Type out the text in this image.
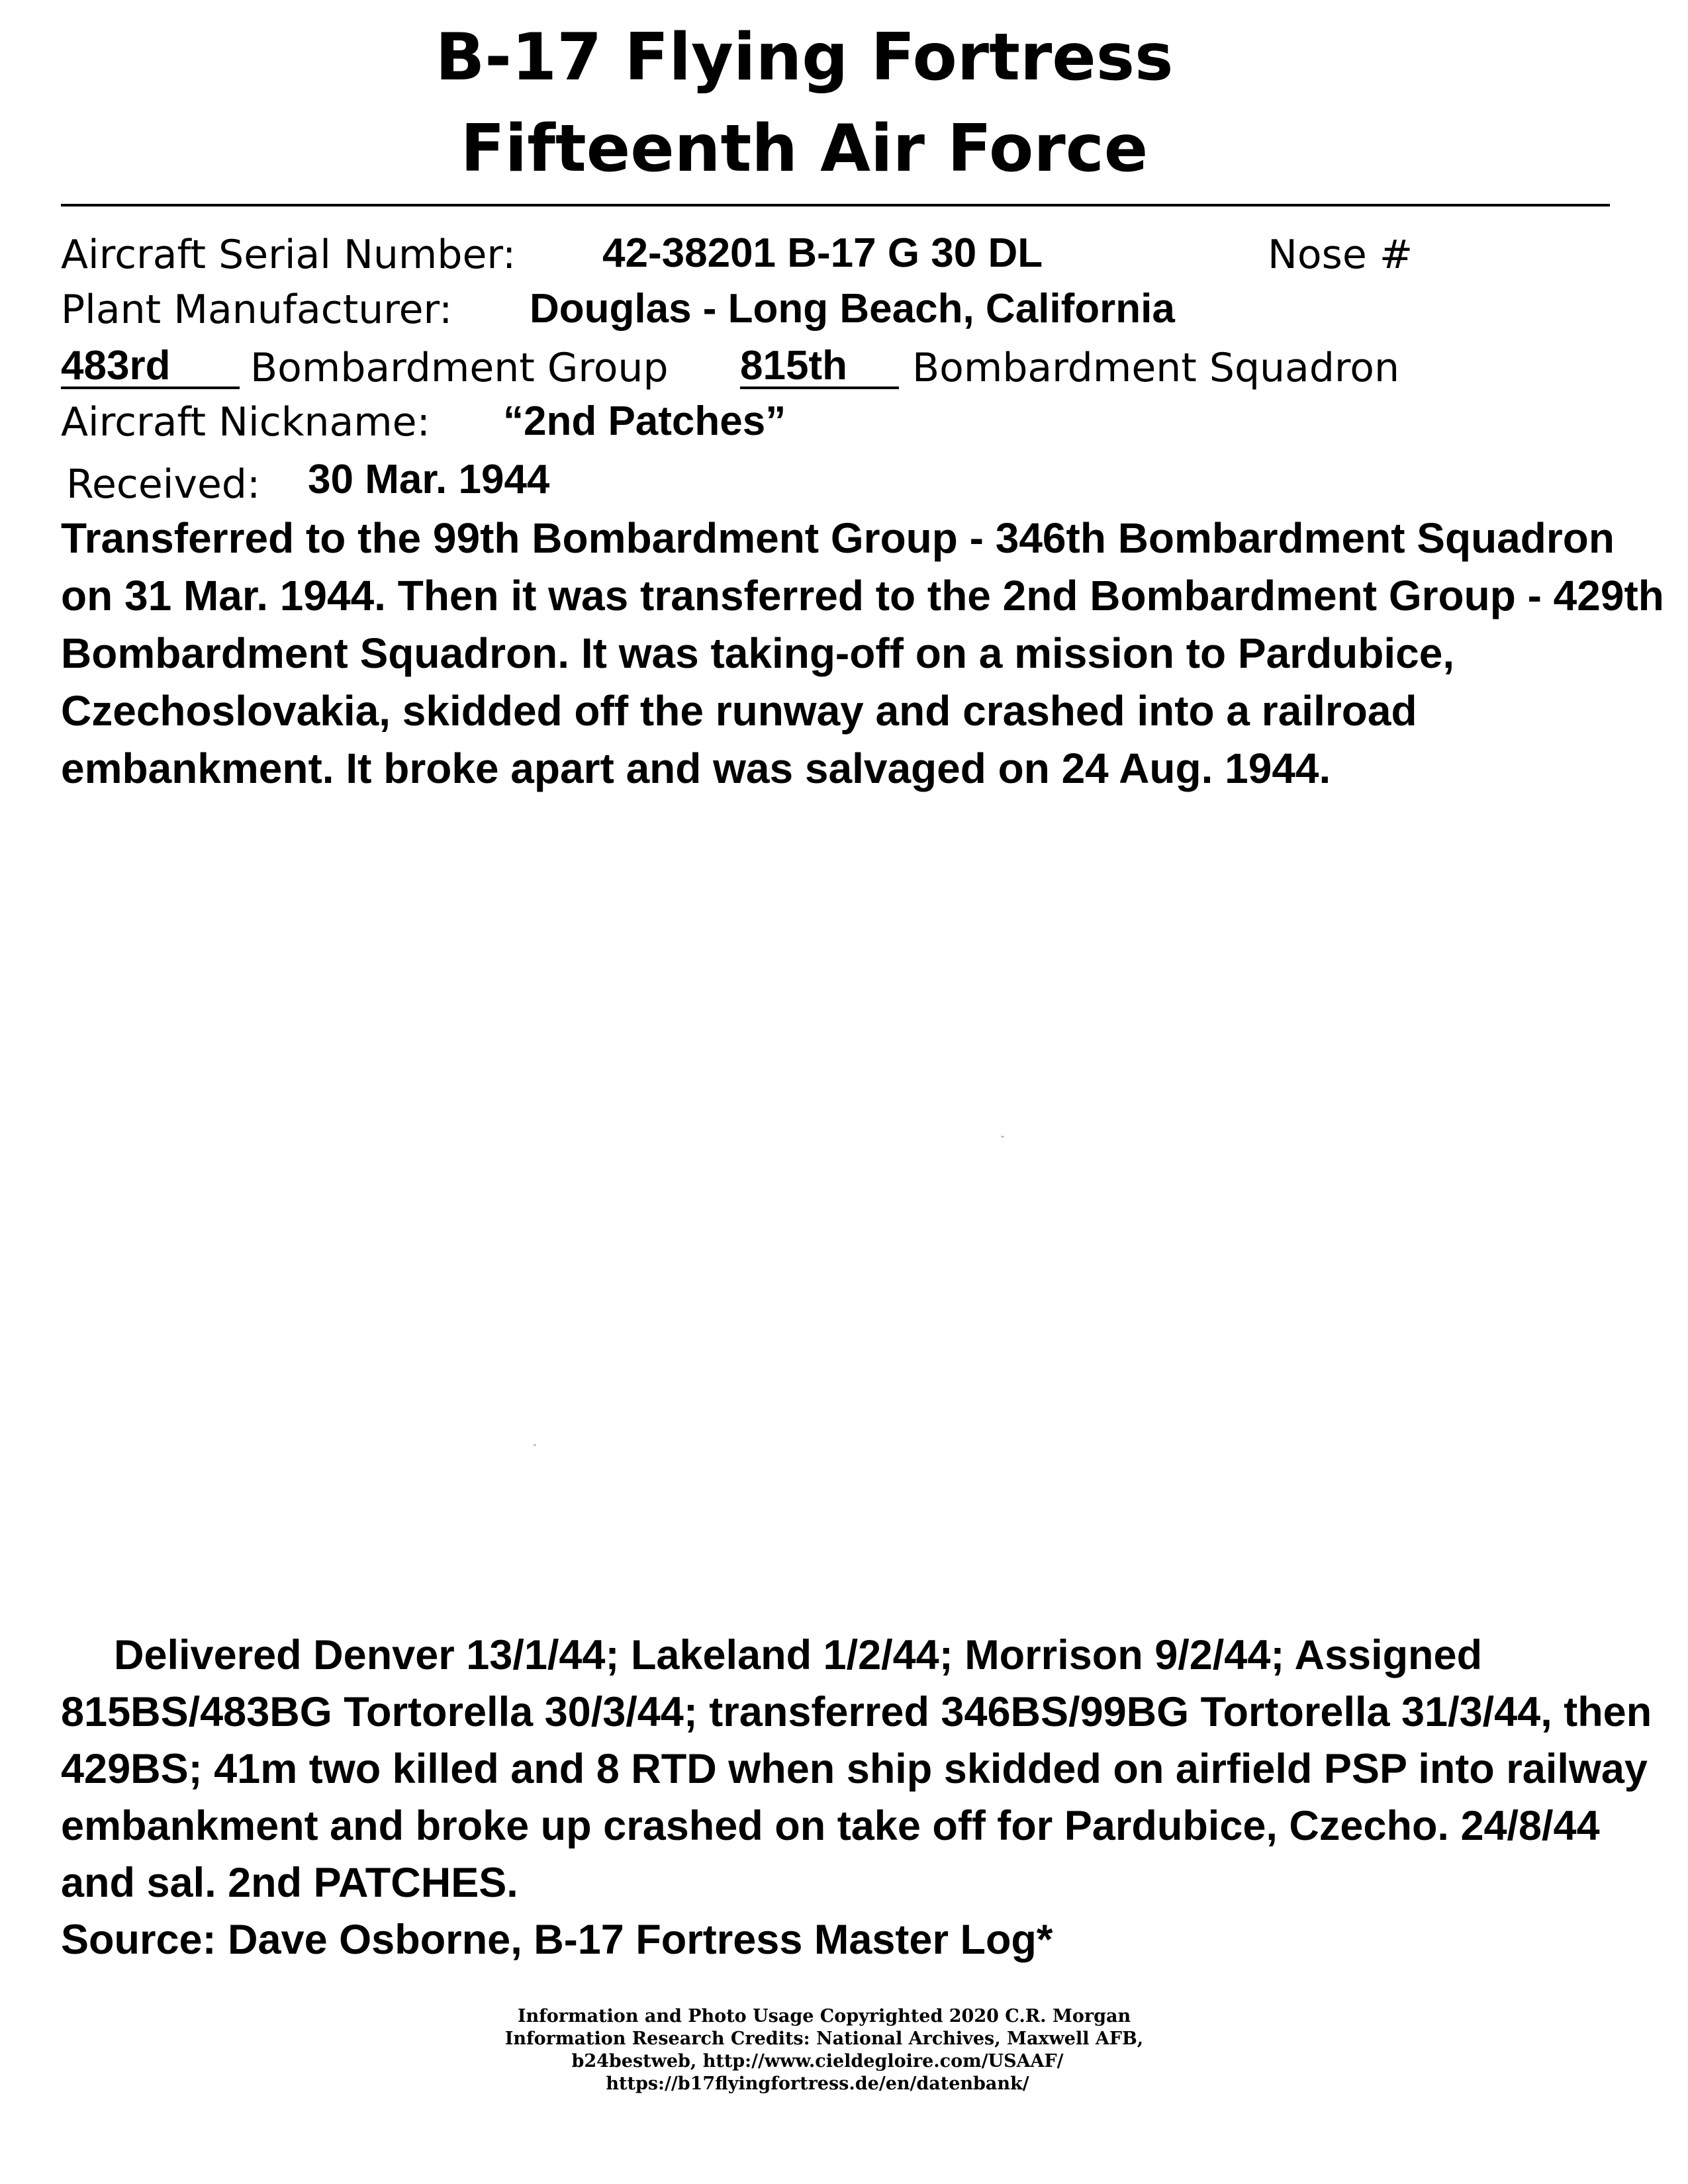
B-17 Flying Fortress
Fifteenth Air Force
Aircraft Serial Number: 42-38201 B-17 G 30 DL	Nose #
Plant Manufacturer: Douglas - Long Beach, California
483rd	Bombardment Group 815th	Bombardment Squadron
Aircraft Nickname: “2nd Patches”
Received: 30 Mar. 1944
Transferred to the 99th Bombardment Group - 346th Bombardment Squadron on 31 Mar. 1944. Then it was transferred to the 2nd Bombardment Group - 429th Bombardment Squadron. It was taking-off on a mission to Pardubice, Czechoslovakia, skidded off the runway and crashed into a railroad embankment. It broke apart and was salvaged on 24 Aug. 1944.
Delivered Denver 13/1/44; Lakeland 1/2/44; Morrison 9/2/44; Assigned 815BS/483BG Tortorella 30/3/44; transferred 346BS/99BG Tortorella 31/3/44, then 429BS; 41m two killed and 8 RTD when ship skidded on airfield PSP into railway embankment and broke up crashed on take off for Pardubice, Czecho. 24/8/44 and sal. 2nd PATCHES.
Source: Dave Osborne, B-17 Fortress Master Log*
Information and Photo Usage Copyrighted 2020 C.R. Morgan
Information Research Credits: National Archives, Maxwell AFB,
b24bestweb, http://www.cieldegloire.com/USAAF/
https://b17flyingfortress.de/en/datenbank/
